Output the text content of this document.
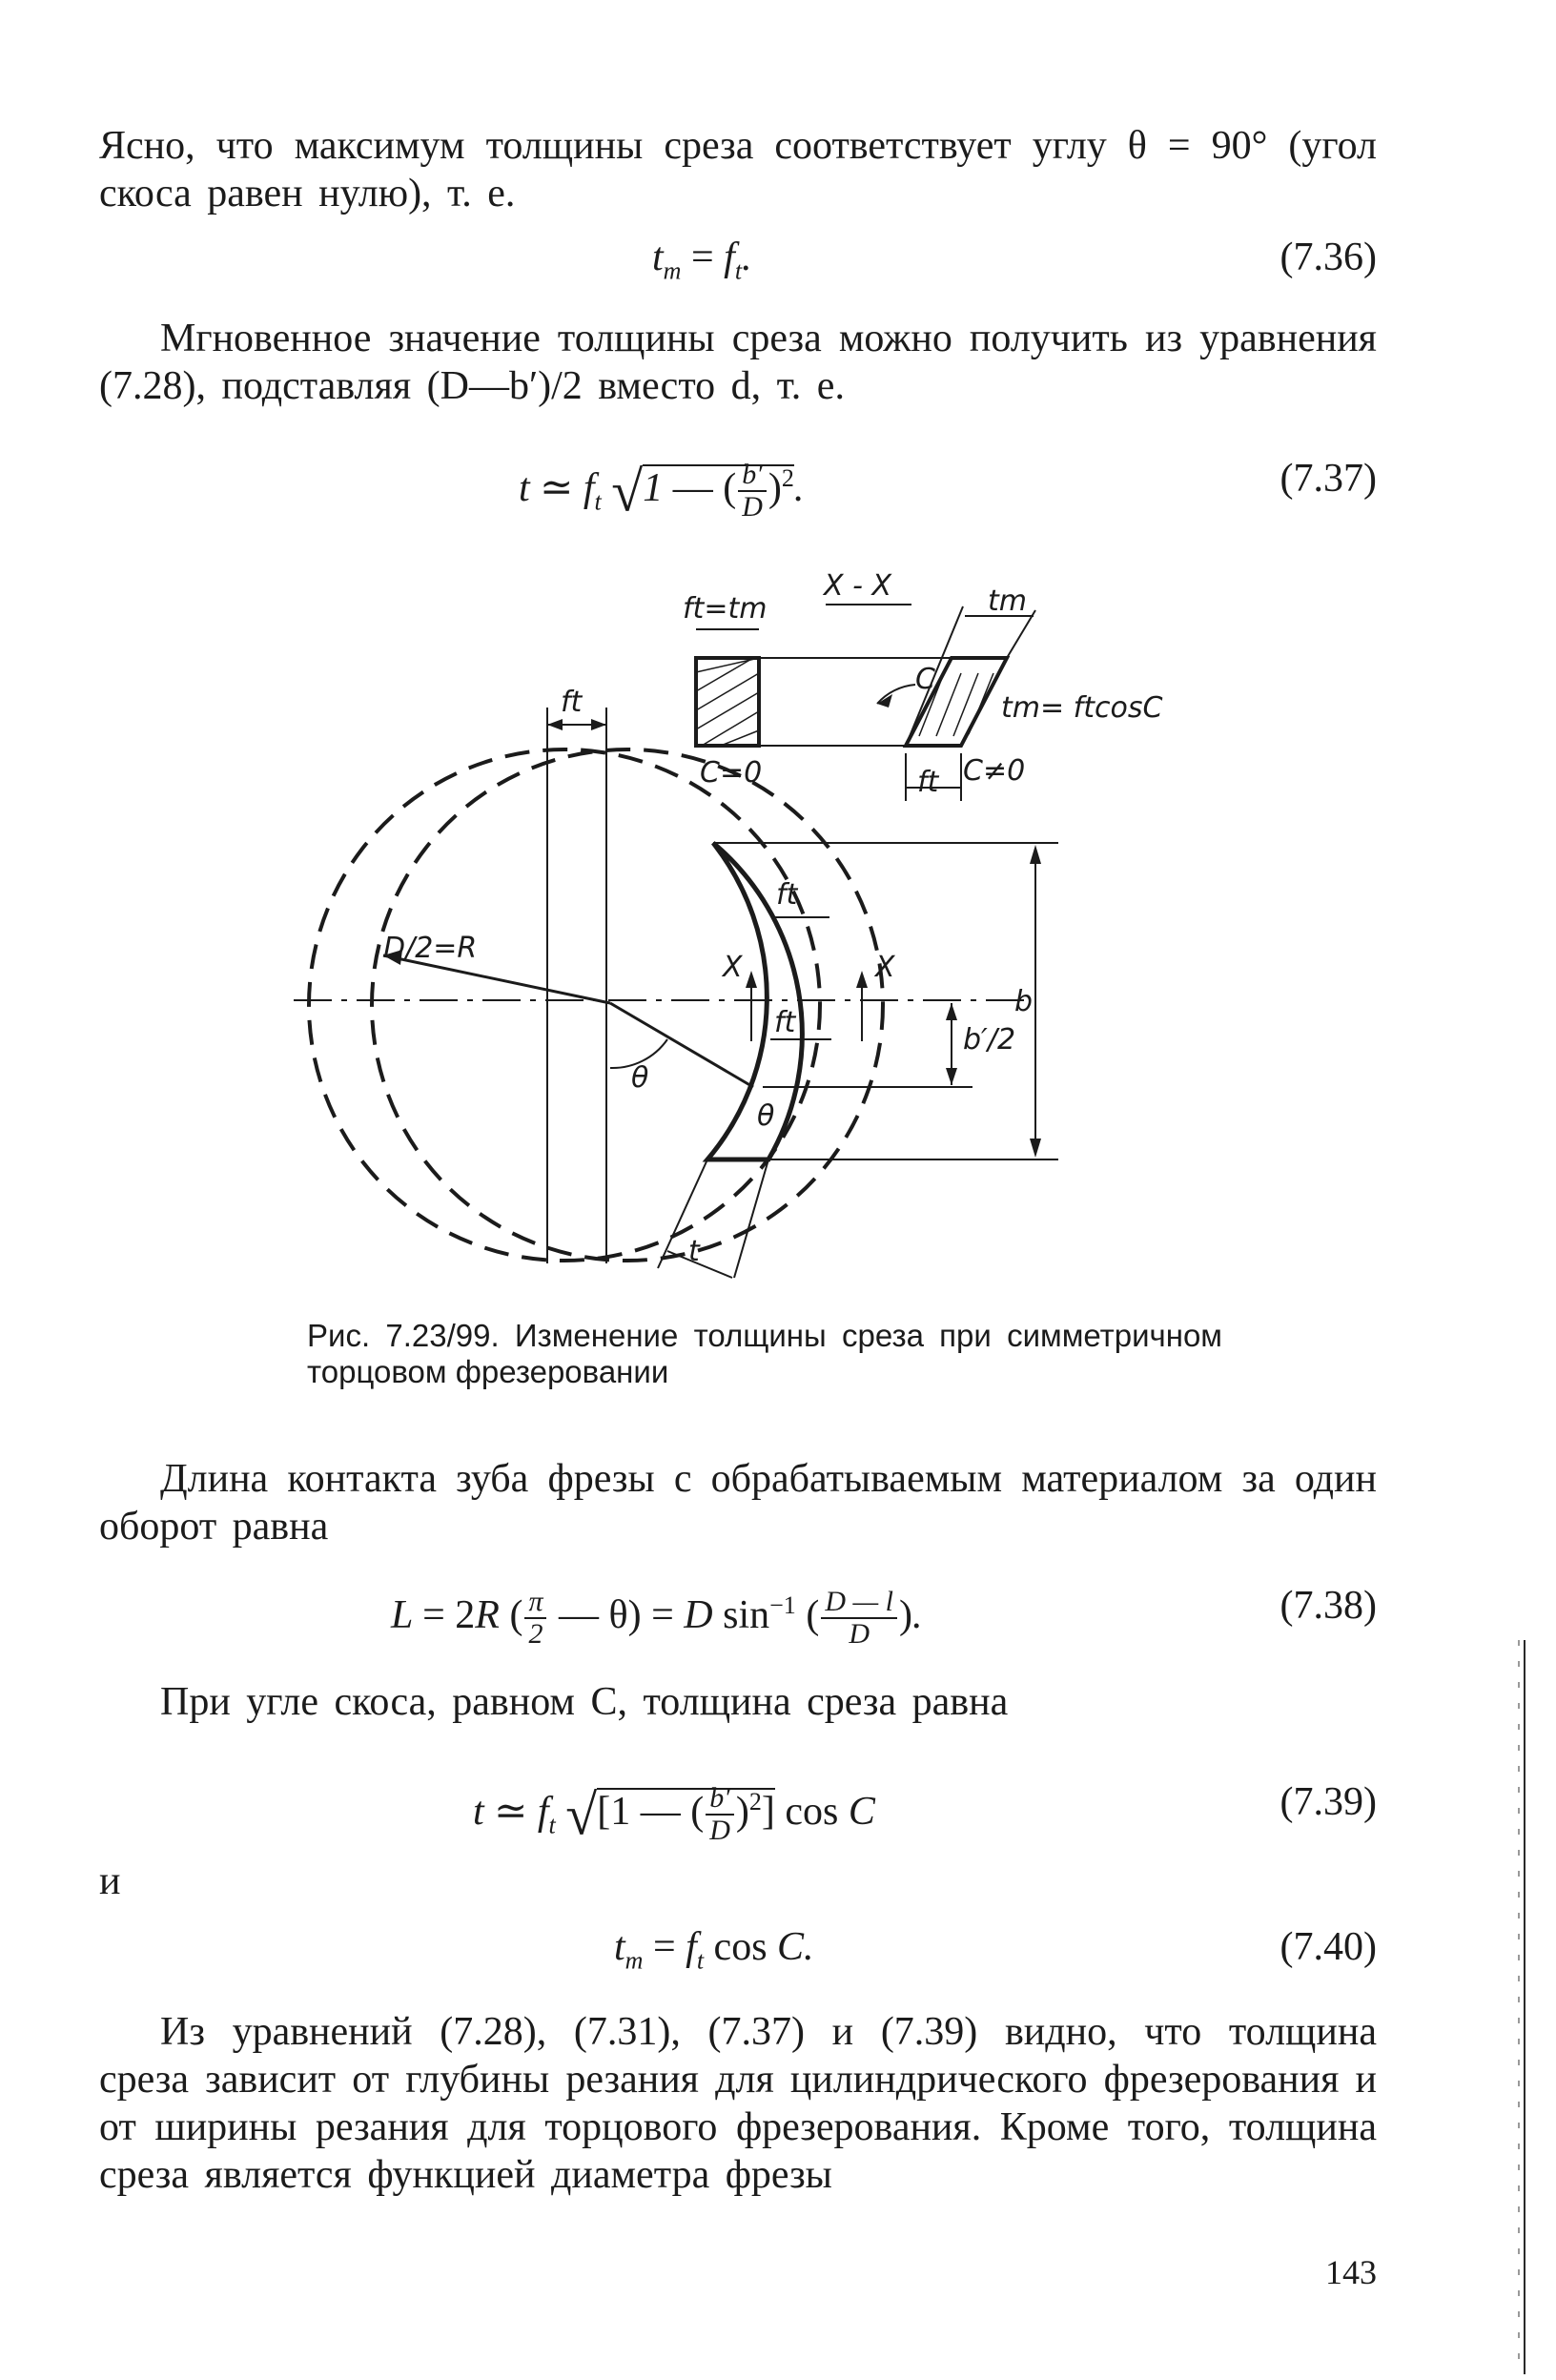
Ясно, что максимум толщины среза соответствует углу θ = 90° (угол скоса равен нулю), т. е.
$t_m = f_t$.	(7.36)
Мгновенное значение толщины среза можно получить из уравнения (7.28), подставляя (D—b′)/2 вместо d, т. е.
t ≃ $f_t$ √1 — ( $\frac{b'}{D} )^2$.	(7.37)
X - X
ft=tm	tm
C
tm= ftcosC
C=0	C≠0
ft
ft
ft
ft
D/2=R
X	X
b
b′/2
θ
θ
t
Рис. 7.23/99. Изменение толщины среза при симметричном торцовом фрезеровании
Длина контакта зуба фрезы с обрабатываемым материалом за один оборот равна
L = 2R ( $\frac{\pi}{2}$ — θ) = D $\sin^{-1}$ ( $\frac{D — l}{D}$ ).	(7.38)
При угле скоса, равном C, толщина среза равна
t ≃ $f_t$ √[1 — ( $\frac{b'}{D} )^2$] cos C	(7.39)
и
$t_m = f_t$ cos C.	(7.40)
Из уравнений (7.28), (7.31), (7.37) и (7.39) видно, что толщина среза зависит от глубины резания для цилиндрического фрезерования и от ширины резания для торцового фрезерования. Кроме того, толщина среза является функцией диаметра фрезы
143
